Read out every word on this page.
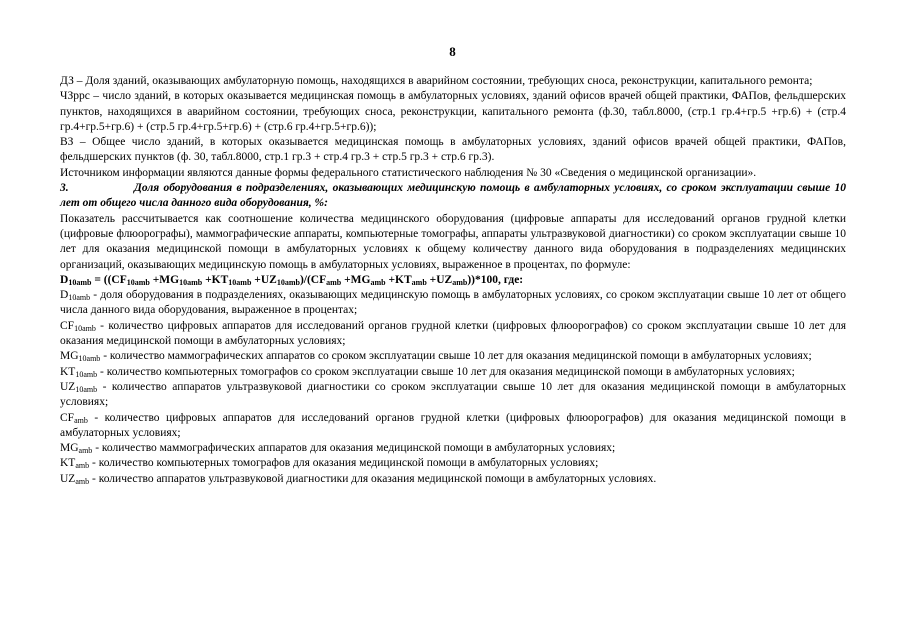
8

ДЗ – Доля зданий, оказывающих амбулаторную помощь, находящихся в аварийном состоянии, требующих сноса, реконструкции, капитального ремонта;

ЧЗррс – число зданий, в которых оказывается медицинская помощь в амбулаторных условиях, зданий офисов врачей общей практики, ФАПов, фельдшерских пунктов, находящихся в аварийном состоянии, требующих сноса, реконструкции, капитального ремонта (ф.30, табл.8000, (стр.1 гр.4+гр.5 +гр.6) + (стр.4 гр.4+гр.5+гр.6) + (стр.5 гр.4+гр.5+гр.6) + (стр.6 гр.4+гр.5+гр.6));

ВЗ – Общее число зданий, в которых оказывается медицинская помощь в амбулаторных условиях, зданий офисов врачей общей практики, ФАПов, фельдшерских пунктов (ф. 30, табл.8000, стр.1 гр.3 + стр.4 гр.3 + стр.5 гр.3 + стр.6 гр.3).

Источником информации являются данные формы федерального статистического наблюдения № 30 «Сведения о медицинской организации».

3.	Доля оборудования в подразделениях, оказывающих медицинскую помощь в амбулаторных условиях, со сроком эксплуатации свыше 10 лет от общего числа данного вида оборудования, %:

Показатель рассчитывается как соотношение количества медицинского оборудования (цифровые аппараты для исследований органов грудной клетки (цифровые флюорографы), маммографические аппараты, компьютерные томографы, аппараты ультразвуковой диагностики) со сроком эксплуатации свыше 10 лет для оказания медицинской помощи в амбулаторных условиях к общему количеству данного вида оборудования в подразделениях медицинских организаций, оказывающих медицинскую помощь в амбулаторных условиях, выраженное в процентах, по формуле:

$D_{10amb} = ((CF_{10amb} +MG_{10amb} +KT_{10amb} +UZ_{10amb})/(CF_{amb} +MG_{amb} +KT_{amb} +UZ_{amb}))*100$, где:

$D_{10amb}$ - доля оборудования в подразделениях, оказывающих медицинскую помощь в амбулаторных условиях, со сроком эксплуатации свыше 10 лет от общего числа данного вида оборудования, выраженное в процентах;

$CF_{10amb}$ - количество цифровых аппаратов для исследований органов грудной клетки (цифровых флюорографов) со сроком эксплуатации свыше 10 лет для оказания медицинской помощи в амбулаторных условиях;

$MG_{10amb}$ - количество маммографических аппаратов со сроком эксплуатации свыше 10 лет для оказания медицинской помощи в амбулаторных условиях;

$KT_{10amb}$ - количество компьютерных томографов со сроком эксплуатации свыше 10 лет для оказания медицинской помощи в амбулаторных условиях;

$UZ_{10amb}$ - количество аппаратов ультразвуковой диагностики со сроком эксплуатации свыше 10 лет для оказания медицинской помощи в амбулаторных условиях;

$CF_{amb}$ - количество цифровых аппаратов для исследований органов грудной клетки (цифровых флюорографов) для оказания медицинской помощи в амбулаторных условиях;

$MG_{amb}$ - количество маммографических аппаратов для оказания медицинской помощи в амбулаторных условиях;

$KT_{amb}$ - количество компьютерных томографов для оказания медицинской помощи в амбулаторных условиях;

$UZ_{amb}$ - количество аппаратов ультразвуковой диагностики для оказания медицинской помощи в амбулаторных условиях.
